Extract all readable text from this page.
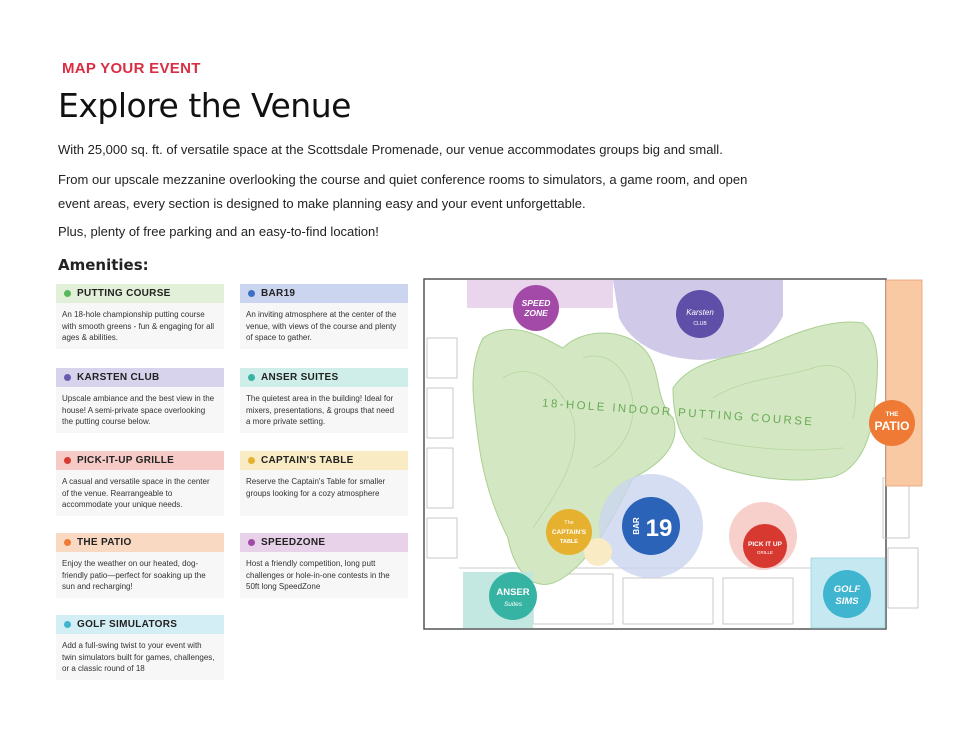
MAP YOUR EVENT
Explore the Venue

With 25,000 sq. ft. of versatile space at the Scottsdale Promenade, our venue accommodates groups big and small.

From our upscale mezzanine overlooking the course and quiet conference rooms to simulators, a game room, and open event areas, every section is designed to make planning easy and your event unforgettable.

Plus, plenty of free parking and an easy-to-find location!

Amenities:
PUTTING COURSE
An 18-hole championship putting course with smooth greens - fun & engaging for all ages & abilities.
BAR19
An inviting atmosphere at the center of the venue, with views of the course and plenty of space to gather.
KARSTEN CLUB
Upscale ambiance and the best view in the house! A semi-private space overlooking the putting course below.
ANSER SUITES
The quietest area in the building! Ideal for mixers, presentations, & groups that need a more private setting.
PICK-IT-UP GRILLE
A casual and versatile space in the center of the venue. Rearrangeable to accommodate your unique needs.
CAPTAIN'S TABLE
Reserve the Captain's Table for smaller groups looking for a cozy atmosphere
THE PATIO
Enjoy the weather on our heated, dog-friendly patio—perfect for soaking up the sun and recharging!
SPEEDZONE
Host a friendly competition, long putt challenges or hole-in-one contests in the 50ft long SpeedZone
GOLF SIMULATORS
Add a full-swing twist to your event with twin simulators built for games, challenges, or a classic round of 18
18-HOLE INDOOR PUTTING COURSE
SPEED
ZONE	Karsten
CLUB
THE
PATIO
BAR 19
The
CAPTAIN'S
TABLE	PICK IT UP
GRILLE
ANSER
Suites
GOLF
SIMS
